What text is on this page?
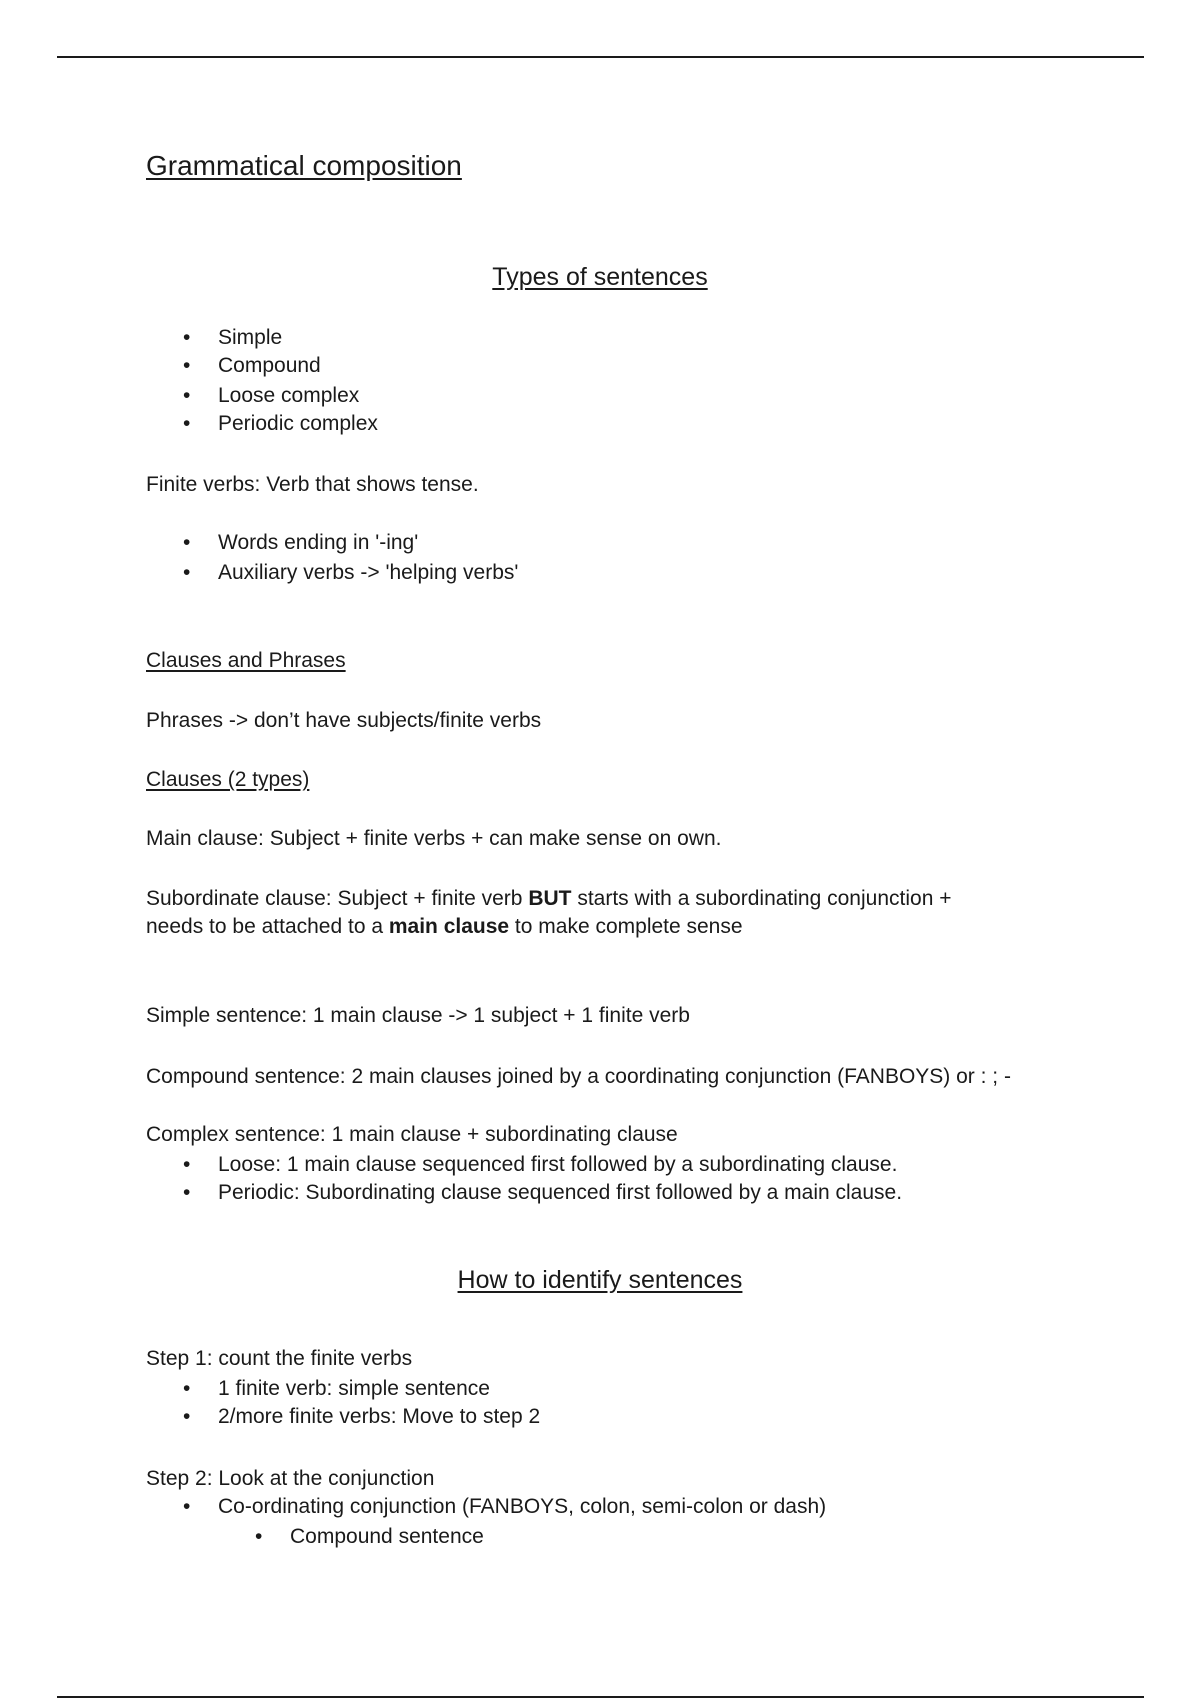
Grammatical composition
Types of sentences
• Simple
• Compound
• Loose complex
• Periodic complex
Finite verbs: Verb that shows tense.
• Words ending in '-ing'
• Auxiliary verbs -> 'helping verbs'
Clauses and Phrases
Phrases -> don’t have subjects/finite verbs
Clauses (2 types)
Main clause: Subject + finite verbs + can make sense on own.
Subordinate clause: Subject + finite verb BUT starts with a subordinating conjunction +
needs to be attached to a main clause to make complete sense
Simple sentence: 1 main clause -> 1 subject + 1 finite verb
Compound sentence: 2 main clauses joined by a coordinating conjunction (FANBOYS) or : ; -
Complex sentence: 1 main clause + subordinating clause
• Loose: 1 main clause sequenced first followed by a subordinating clause.
• Periodic: Subordinating clause sequenced first followed by a main clause.
How to identify sentences
Step 1: count the finite verbs
• 1 finite verb: simple sentence
• 2/more finite verbs: Move to step 2
Step 2: Look at the conjunction
• Co-ordinating conjunction (FANBOYS, colon, semi-colon or dash)
• Compound sentence
